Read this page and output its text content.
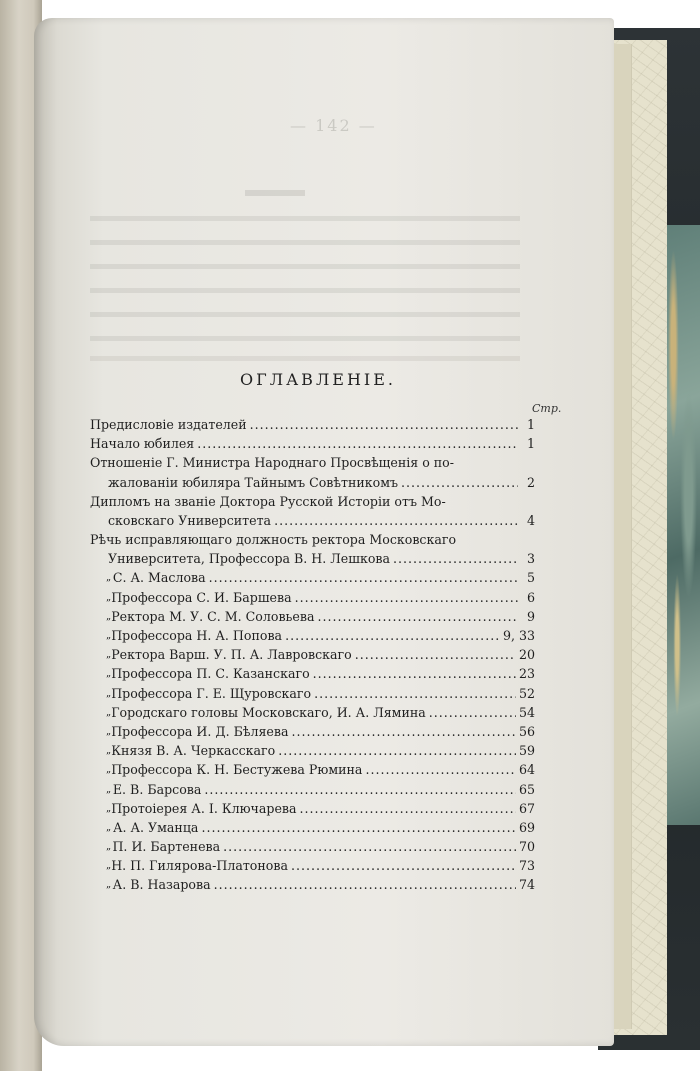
— 142 —
ОГЛАВЛЕНІЕ.
Стр.
Предисловіе издателей .....	1
Начало юбилея .....	1
Отношеніе Г. Министра Народнаго Просвѣщенія о по-
жалованіи юбиляра Тайнымъ Совѣтникомъ .....	2
Дипломъ на званіе Доктора Русской Исторіи отъ Мо-
сковскаго Университета .....	4
Рѣчь исправляющаго должность ректора Московскаго
Университета, Профессора В. Н. Лешкова .....	3
„ С. А. Маслова .....	5
„ Профессора С. И. Баршева .....	6
„ Ректора М. У. С. М. Соловьева .....	9
„ Профессора Н. А. Попова .....	9, 33
„ Ректора Варш. У. П. А. Лавровскаго .....	20
„ Профессора П. С. Казанскаго .....	23
„ Профессора Г. Е. Щуровскаго .....	52
„ Городскаго головы Московскаго, И. А. Лямина .....	54
„ Профессора И. Д. Бѣляева .....	56
„ Князя В. А. Черкасскаго .....	59
„ Профессора К. Н. Бестужева Рюмина .....	64
„ Е. В. Барсова .....	65
„ Протоіерея А. І. Ключарева .....	67
„ А. А. Уманца .....	69
„ П. И. Бартенева .....	70
„ Н. П. Гилярова-Платонова .....	73
„ А. В. Назарова .....	74
